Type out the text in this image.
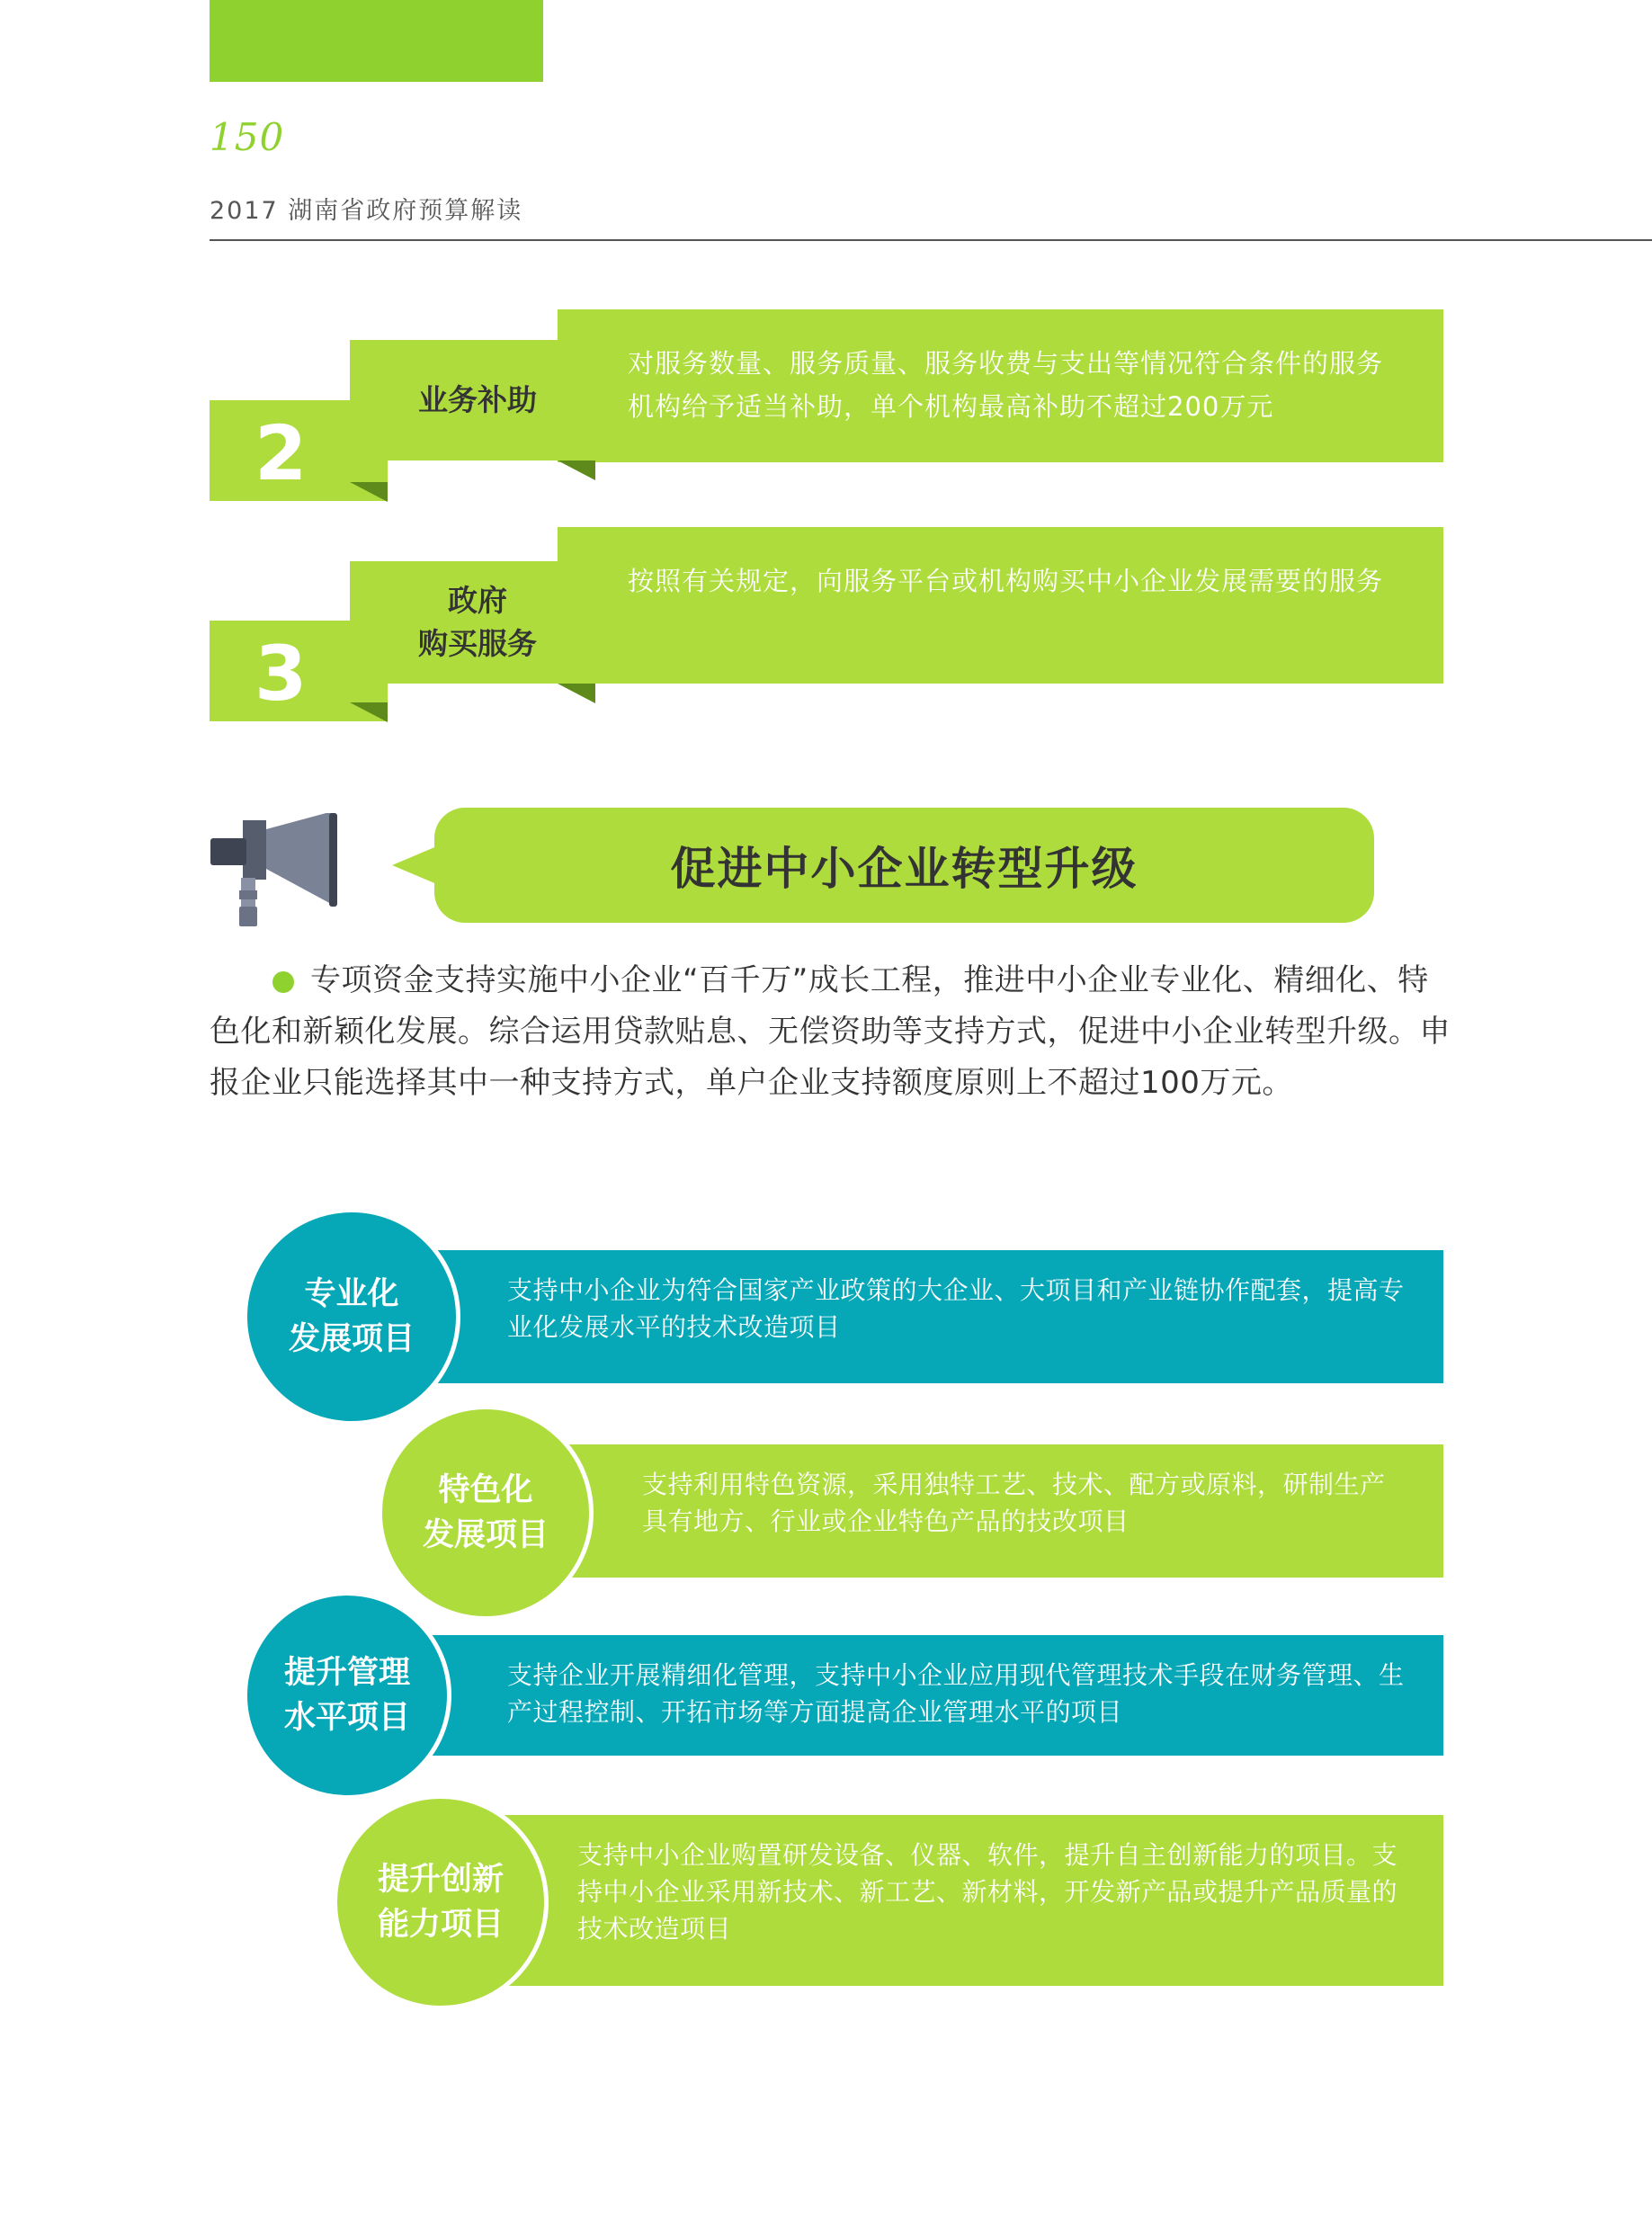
150
2017 湖南省政府预算解读
对服务数量、服务质量、服务收费与支出等情况符合条件的服务机构给予适当补助，单个机构最高补助不超过200万元
业务补助
2
按照有关规定，向服务平台或机构购买中小企业发展需要的服务
政府
购买服务
3
促进中小企业转型升级
专项资金支持实施中小企业“百千万”成长工程，推进中小企业专业化、精细化、特色化和新颖化发展。综合运用贷款贴息、无偿资助等支持方式，促进中小企业转型升级。申报企业只能选择其中一种支持方式，单户企业支持额度原则上不超过100万元。
支持中小企业为符合国家产业政策的大企业、大项目和产业链协作配套，提高专业化发展水平的技术改造项目
专业化
发展项目
支持利用特色资源，采用独特工艺、技术、配方或原料，研制生产具有地方、行业或企业特色产品的技改项目
特色化
发展项目
支持企业开展精细化管理，支持中小企业应用现代管理技术手段在财务管理、生产过程控制、开拓市场等方面提高企业管理水平的项目
提升管理
水平项目
支持中小企业购置研发设备、仪器、软件，提升自主创新能力的项目。支持中小企业采用新技术、新工艺、新材料，开发新产品或提升产品质量的技术改造项目
提升创新
能力项目
